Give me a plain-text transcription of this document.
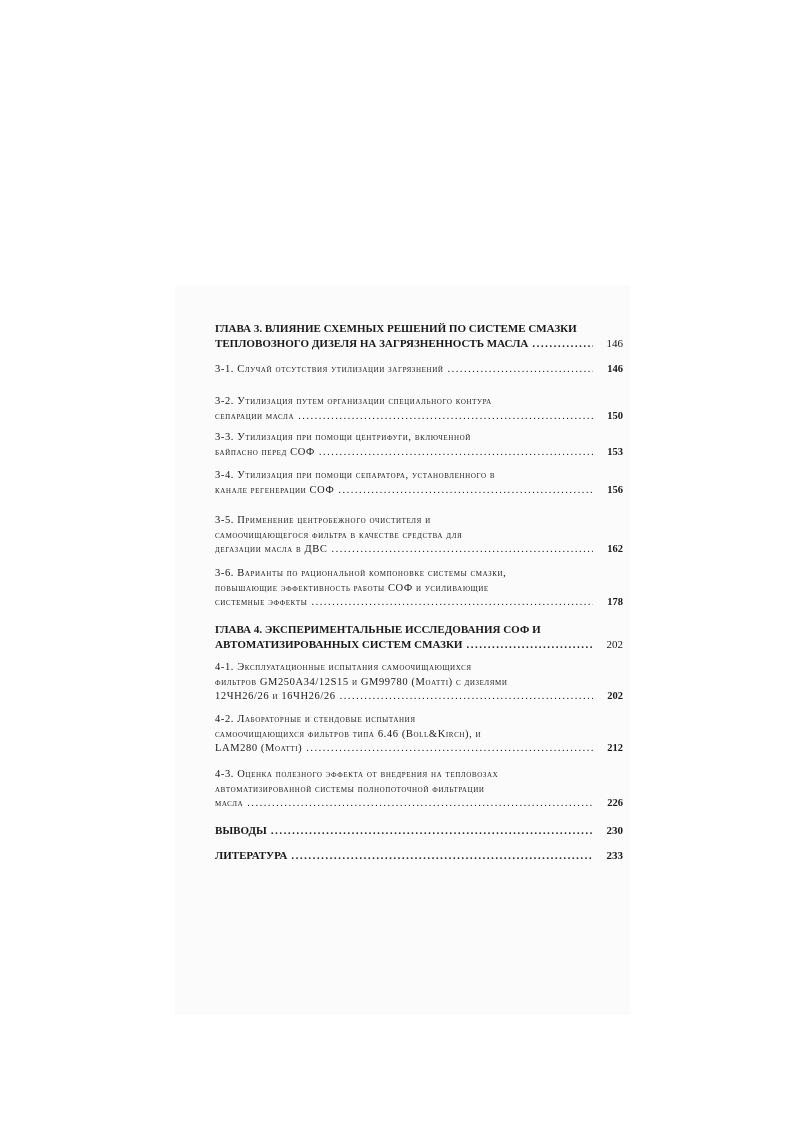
ГЛАВА 3. ВЛИЯНИЕ СХЕМНЫХ РЕШЕНИЙ ПО СИСТЕМЕ СМАЗКИ
ТЕПЛОВОЗНОГО ДИЗЕЛЯ НА ЗАГРЯЗНЕННОСТЬ МАСЛА .....	146
3-1. Случай отсутствия утилизации загрязнений .....	146
3-2. Утилизация путем организации специального контура
сепарации масла .....	150
3-3. Утилизация при помощи центрифуги, включенной
байпасно перед СОФ .....	153
3-4. Утилизация при помощи сепаратора, установленного в
канале регенерации СОФ .....	156
3-5. Применение центробежного очистителя и
самоочищающегося фильтра в качестве средства для
дегазации масла в ДВС .....	162
3-6. Варианты по рациональной компоновке системы смазки,
повышающие эффективность работы СОФ и усиливающие
системные эффекты .....	178
ГЛАВА 4. ЭКСПЕРИМЕНТАЛЬНЫЕ ИССЛЕДОВАНИЯ СОФ И
АВТОМАТИЗИРОВАННЫХ СИСТЕМ СМАЗКИ .....	202
4-1. Эксплуатационные испытания самоочищающихся
фильтров GM250A34/12S15 и GM99780 (Moatti) с дизелями
12ЧН26/26 и 16ЧН26/26 .....	202
4-2. Лабораторные и стендовые испытания
самоочищающихся фильтров типа 6.46 (Boll&Kirch), и
LAM280 (Moatti) .....	212
4-3. Оценка полезного эффекта от внедрения на тепловозах
автоматизированной системы полнопоточной фильтрации
масла .....	226
ВЫВОДЫ .....	230
ЛИТЕРАТУРА .....	233
